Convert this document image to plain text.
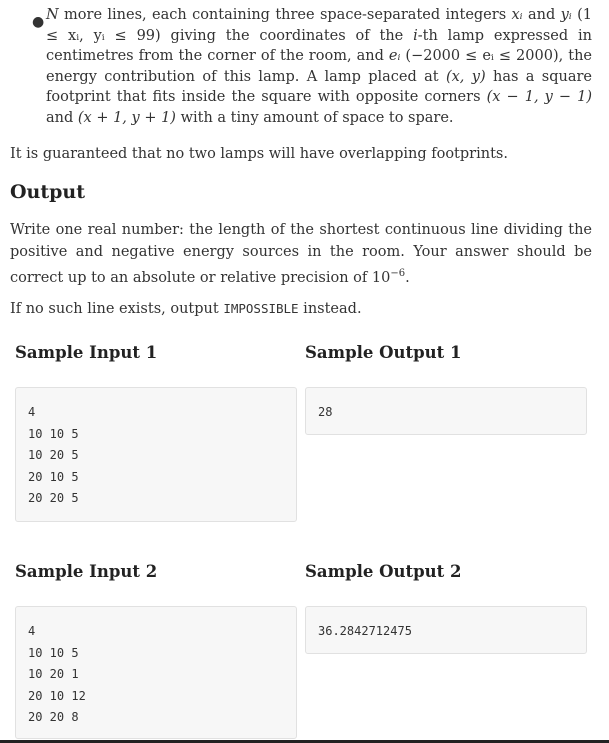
● N more lines, each containing three space-separated integers xᵢ and yᵢ (1 ≤ xᵢ, yᵢ ≤ 99) giving the coordinates of the i-th lamp expressed in centimetres from the corner of the room, and eᵢ (−2000 ≤ eᵢ ≤ 2000), the energy contribution of this lamp. A lamp placed at (x, y) has a square footprint that fits inside the square with opposite corners (x − 1, y − 1) and (x + 1, y + 1) with a tiny amount of space to spare.
It is guaranteed that no two lamps will have overlapping footprints.
Output
Write one real number: the length of the shortest continuous line dividing the positive and negative energy sources in the room. Your answer should be correct up to an absolute or relative precision of $10^{-6}$.
If no such line exists, output IMPOSSIBLE instead.
Sample Input 1	Sample Output 1
4
10 10 5
10 20 5
20 10 5
20 20 5
28
Sample Input 2	Sample Output 2
4
10 10 5
10 20 1
20 10 12
20 20 8
36.2842712475
